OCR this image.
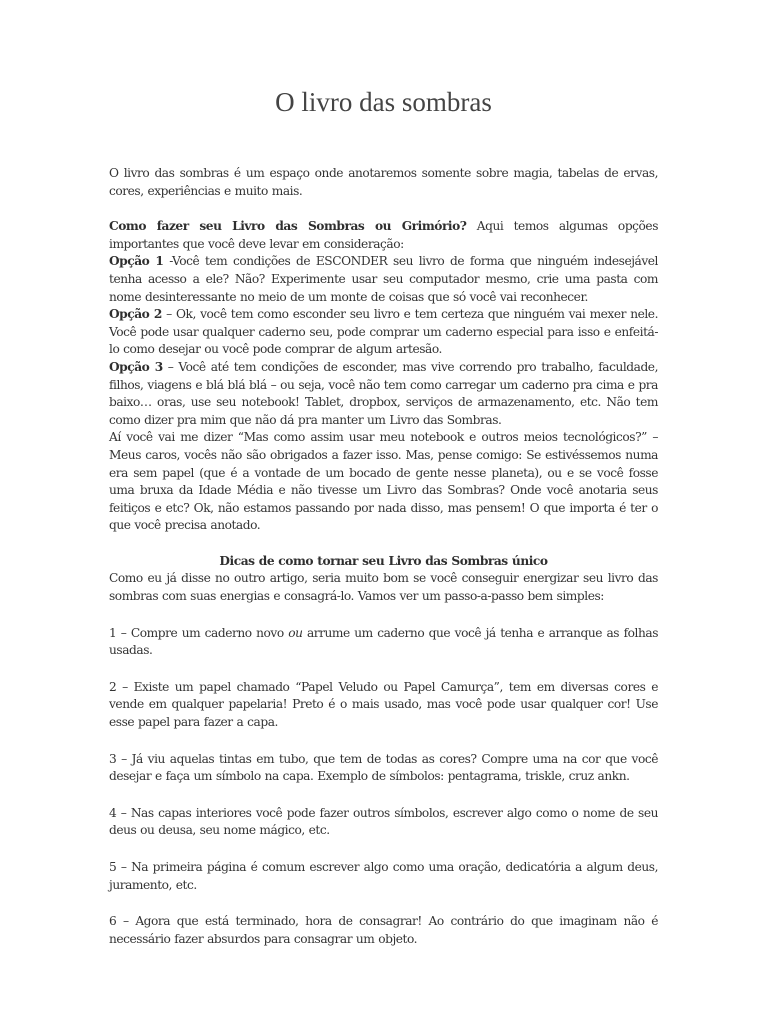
O livro das sombras

O livro das sombras é um espaço onde anotaremos somente sobre magia, tabelas de ervas, cores, experiências e muito mais.

Como fazer seu Livro das Sombras ou Grimório? Aqui temos algumas opções importantes que você deve levar em consideração:

Opção 1 -Você tem condições de ESCONDER seu livro de forma que ninguém indesejável tenha acesso a ele? Não? Experimente usar seu computador mesmo, crie uma pasta com nome desinteressante no meio de um monte de coisas que só você vai reconhecer.

Opção 2 – Ok, você tem como esconder seu livro e tem certeza que ninguém vai mexer nele. Você pode usar qualquer caderno seu, pode comprar um caderno especial para isso e enfeitá-lo como desejar ou você pode comprar de algum artesão.

Opção 3 – Você até tem condições de esconder, mas vive correndo pro trabalho, faculdade, filhos, viagens e blá blá blá – ou seja, você não tem como carregar um caderno pra cima e pra baixo… oras, use seu notebook! Tablet, dropbox, serviços de armazenamento, etc. Não tem como dizer pra mim que não dá pra manter um Livro das Sombras.

Aí você vai me dizer “Mas como assim usar meu notebook e outros meios tecnológicos?” – Meus caros, vocês não são obrigados a fazer isso. Mas, pense comigo: Se estivéssemos numa era sem papel (que é a vontade de um bocado de gente nesse planeta), ou e se você fosse uma bruxa da Idade Média e não tivesse um Livro das Sombras? Onde você anotaria seus feitiços e etc? Ok, não estamos passando por nada disso, mas pensem! O que importa é ter o que você precisa anotado.

Dicas de como tornar seu Livro das Sombras único

Como eu já disse no outro artigo, seria muito bom se você conseguir energizar seu livro das sombras com suas energias e consagrá-lo. Vamos ver um passo-a-passo bem simples:

1 – Compre um caderno novo ou arrume um caderno que você já tenha e arranque as folhas usadas.

2 – Existe um papel chamado “Papel Veludo ou Papel Camurça”, tem em diversas cores e vende em qualquer papelaria! Preto é o mais usado, mas você pode usar qualquer cor! Use esse papel para fazer a capa.

3 – Já viu aquelas tintas em tubo, que tem de todas as cores? Compre uma na cor que você desejar e faça um símbolo na capa. Exemplo de símbolos: pentagrama, triskle, cruz ankn.

4 – Nas capas interiores você pode fazer outros símbolos, escrever algo como o nome de seu deus ou deusa, seu nome mágico, etc.

5 – Na primeira página é comum escrever algo como uma oração, dedicatória a algum deus, juramento, etc.

6 – Agora que está terminado, hora de consagrar! Ao contrário do que imaginam não é necessário fazer absurdos para consagrar um objeto.
